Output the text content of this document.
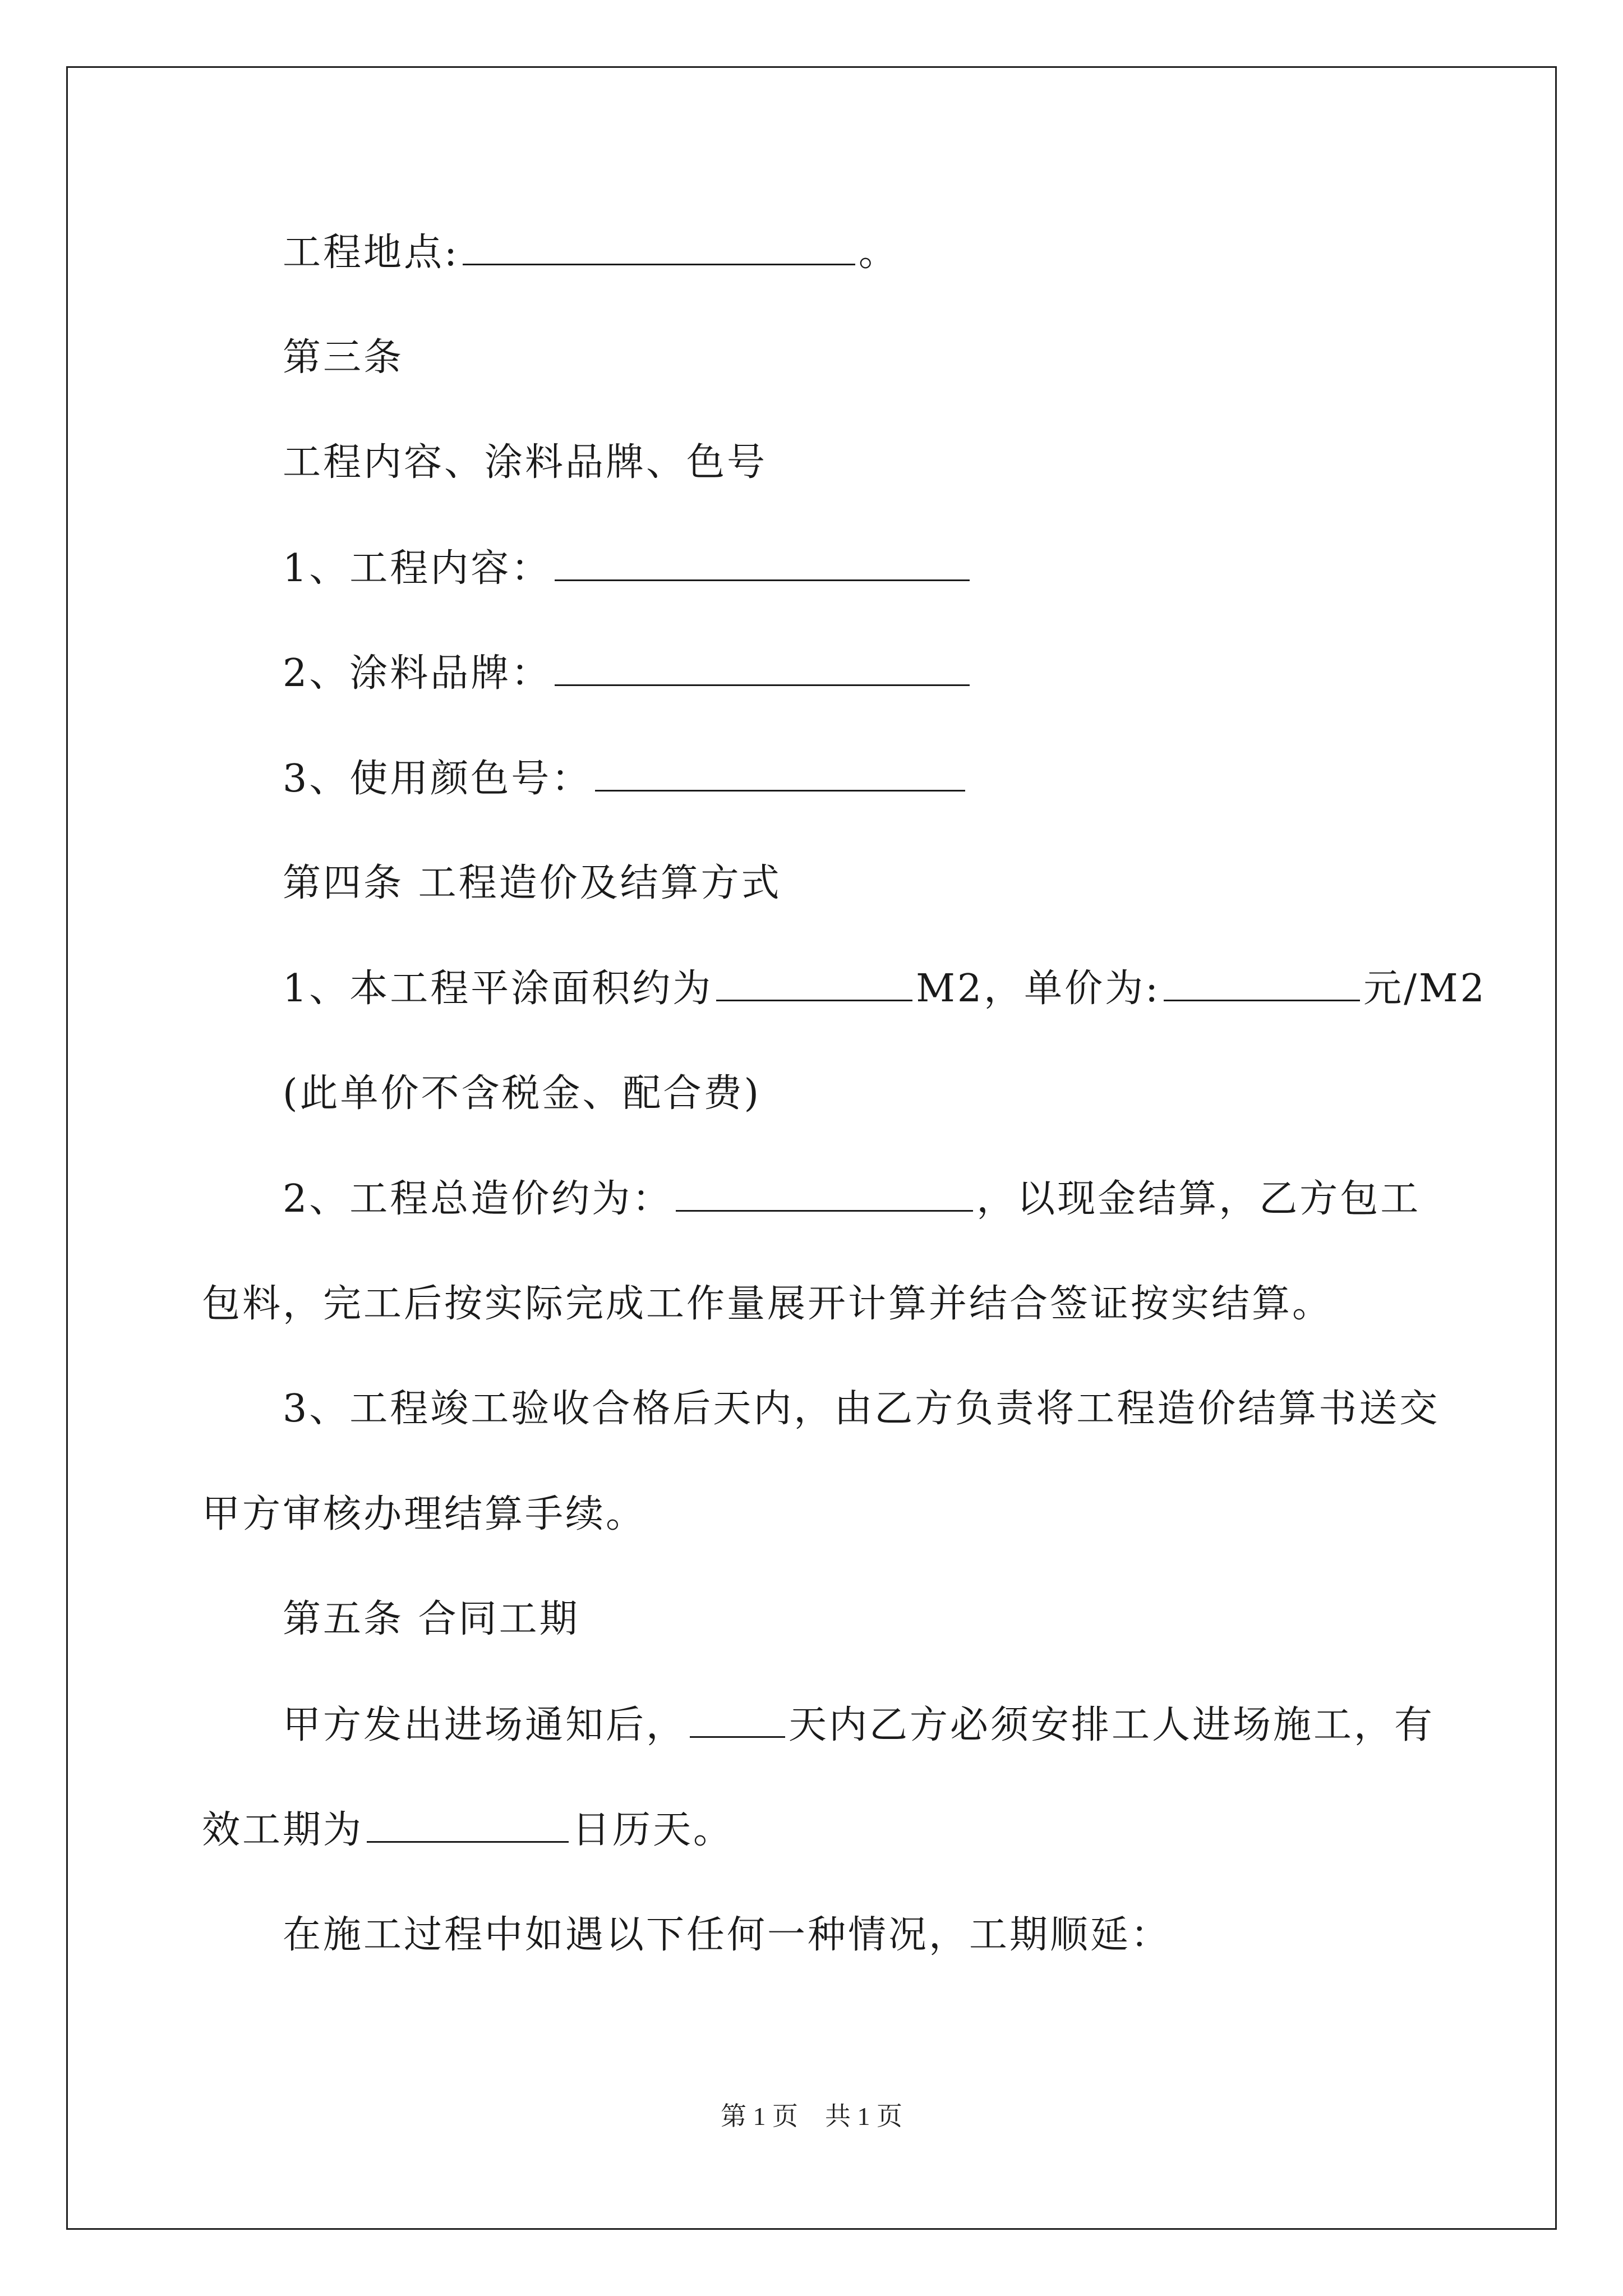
工程地点:	。
第三条
工程内容、涂料品牌、色号
1、工程内容：
2、涂料品牌：
3、使用颜色号：
第四条 工程造价及结算方式
1、本工程平涂面积约为	M2，单价为:	元/M2
(此单价不含税金、配合费)
2、工程总造价约为：	，以现金结算，乙方包工
包料，完工后按实际完成工作量展开计算并结合签证按实结算。
3、工程竣工验收合格后天内，由乙方负责将工程造价结算书送交
甲方审核办理结算手续。
第五条 合同工期
甲方发出进场通知后，	天内乙方必须安排工人进场施工，有
效工期为	日历天。
在施工过程中如遇以下任何一种情况，工期顺延：
第 1 页 共 1 页
